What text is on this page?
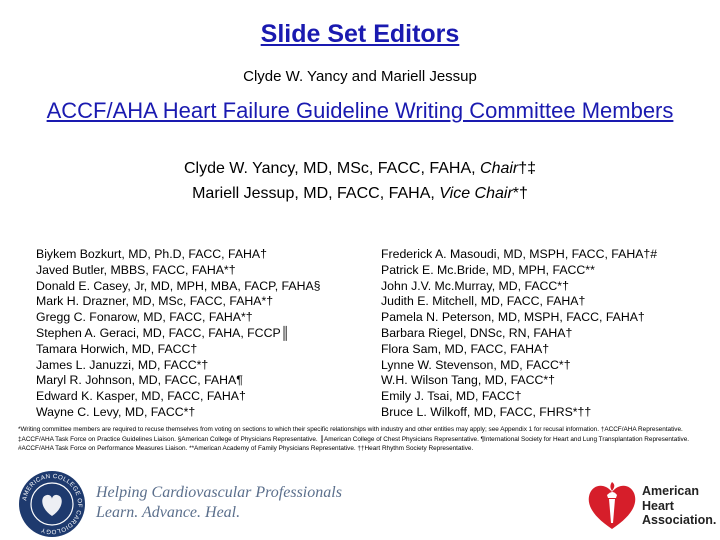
Slide Set Editors
Clyde W. Yancy and Mariell Jessup
ACCF/AHA Heart Failure Guideline Writing Committee Members
Clyde W. Yancy, MD, MSc, FACC, FAHA, Chair†‡
Mariell Jessup, MD, FACC, FAHA, Vice Chair*†
Biykem Bozkurt, MD, Ph.D, FACC, FAHA†
Javed Butler, MBBS, FACC, FAHA*†
Donald E. Casey, Jr, MD, MPH, MBA, FACP, FAHA§
Mark H. Drazner, MD, MSc, FACC, FAHA*†
Gregg C. Fonarow, MD, FACC, FAHA*†
Stephen A. Geraci, MD, FACC, FAHA, FCCP║
Tamara Horwich, MD, FACC†
James L. Januzzi, MD, FACC*†
Maryl R. Johnson, MD, FACC, FAHA¶
Edward K. Kasper, MD, FACC, FAHA†
Wayne C. Levy, MD, FACC*†
Frederick A. Masoudi, MD, MSPH, FACC, FAHA†#
Patrick E. Mc.Bride, MD, MPH, FACC**
John J.V. Mc.Murray, MD, FACC*†
Judith E. Mitchell, MD, FACC, FAHA†
Pamela N. Peterson, MD, MSPH, FACC, FAHA†
Barbara Riegel, DNSc, RN, FAHA†
Flora Sam, MD, FACC, FAHA†
Lynne W. Stevenson, MD, FACC*†
W.H. Wilson Tang, MD, FACC*†
Emily J. Tsai, MD, FACC†
Bruce L. Wilkoff, MD, FACC, FHRS*††
*Writing committee members are required to recuse themselves from voting on sections to which their specific relationships with industry and other entities may apply; see Appendix 1 for recusal information. †ACCF/AHA Representative. ‡ACCF/AHA Task Force on Practice Guidelines Liaison. §American College of Physicians Representative. ║American College of Chest Physicians Representative. ¶International Society for Heart and Lung Transplantation Representative. #ACCF/AHA Task Force on Performance Measures Liaison. **American Academy of Family Physicians Representative. ††Heart Rhythm Society Representative.
AMERICAN COLLEGE OF CARDIOLOGY
Helping Cardiovascular Professionals
Learn. Advance. Heal.
American
Heart
Association.
